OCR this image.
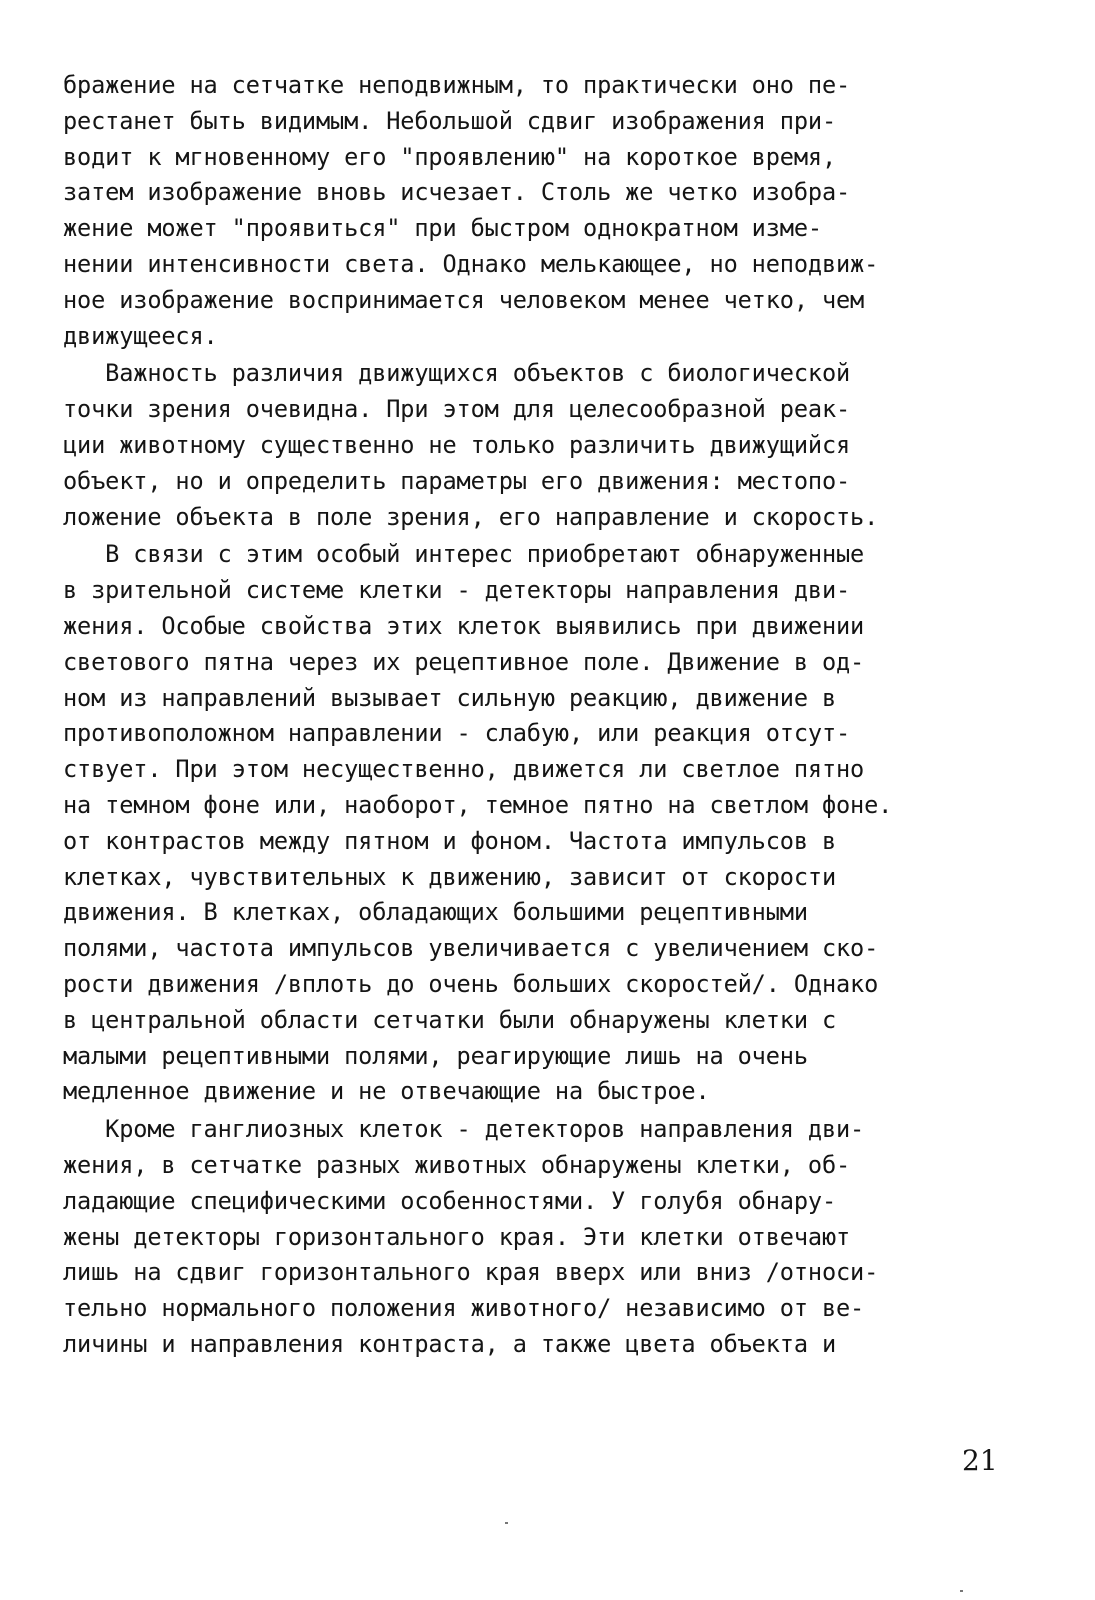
бражение на сетчатке неподвижным, то практически оно пе-
рестанет быть видимым. Небольшой сдвиг изображения при-
водит к мгновенному его "проявлению" на короткое время,
затем изображение вновь исчезает. Столь же четко изобра-
жение может "проявиться" при быстром однократном изме-
нении интенсивности света. Однако мелькающее, но неподвиж-
ное изображение воспринимается человеком менее четко, чем
движущееся.
Важность различия движущихся объектов с биологической
точки зрения очевидна. При этом для целесообразной реак-
ции животному существенно не только различить движущийся
объект, но и определить параметры его движения: местопо-
ложение объекта в поле зрения, его направление и скорость.
В связи с этим особый интерес приобретают обнаруженные
в зрительной системе клетки - детекторы направления дви-
жения. Особые свойства этих клеток выявились при движении
светового пятна через их рецептивное поле. Движение в од-
ном из направлений вызывает сильную реакцию, движение в
противоположном направлении - слабую, или реакция отсут-
ствует. При этом несущественно, движется ли светлое пятно
на темном фоне или, наоборот, темное пятно на светлом фоне.
от контрастов между пятном и фоном. Частота импульсов в
клетках, чувствительных к движению, зависит от скорости
движения. В клетках, обладающих большими рецептивными
полями, частота импульсов увеличивается с увеличением ско-
рости движения /вплоть до очень больших скоростей/. Однако
в центральной области сетчатки были обнаружены клетки с
малыми рецептивными полями, реагирующие лишь на очень
медленное движение и не отвечающие на быстрое.
Кроме ганглиозных клеток - детекторов направления дви-
жения, в сетчатке разных животных обнаружены клетки, об-
ладающие специфическими особенностями. У голубя обнару-
жены детекторы горизонтального края. Эти клетки отвечают
лишь на сдвиг горизонтального края вверх или вниз /относи-
тельно нормального положения животного/ независимо от ве-
личины и направления контраста, а также цвета объекта и
21
